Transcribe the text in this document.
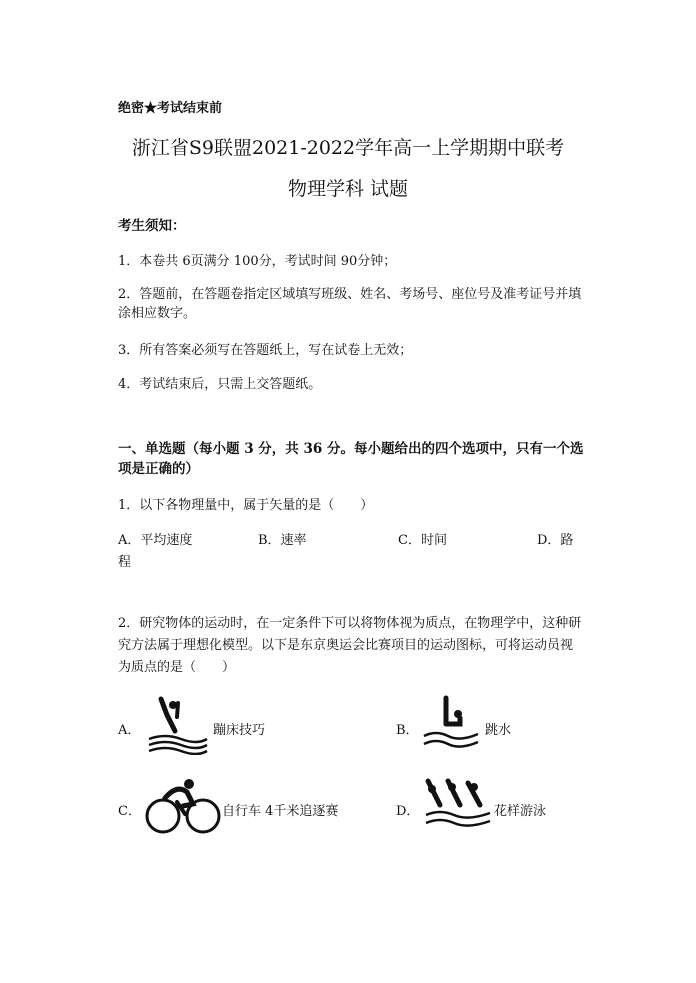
绝密★考试结束前
浙江省S9联盟2021-2022学年高一上学期期中联考
物理学科 试题
考生须知：
1．本卷共 6页满分 100分，考试时间 90分钟；
2．答题前，在答题卷指定区域填写班级、姓名、考场号、座位号及准考证号并填涂相应数字。
3．所有答案必须写在答题纸上，写在试卷上无效；
4．考试结束后，只需上交答题纸。
一、单选题（每小题 3 分，共 36 分。每小题给出的四个选项中，只有一个选项是正确的）
1．以下各物理量中，属于矢量的是（　　）
A．平均速度	B．速率	C．时间	D．路
程
2．研究物体的运动时，在一定条件下可以将物体视为质点，在物理学中，这种研究方法属于理想化模型。以下是东京奥运会比赛项目的运动图标，可将运动员视为质点的是（　　）
A．	蹦床技巧	B．	跳水
C．	自行车 4千米追逐赛	D．	花样游泳
